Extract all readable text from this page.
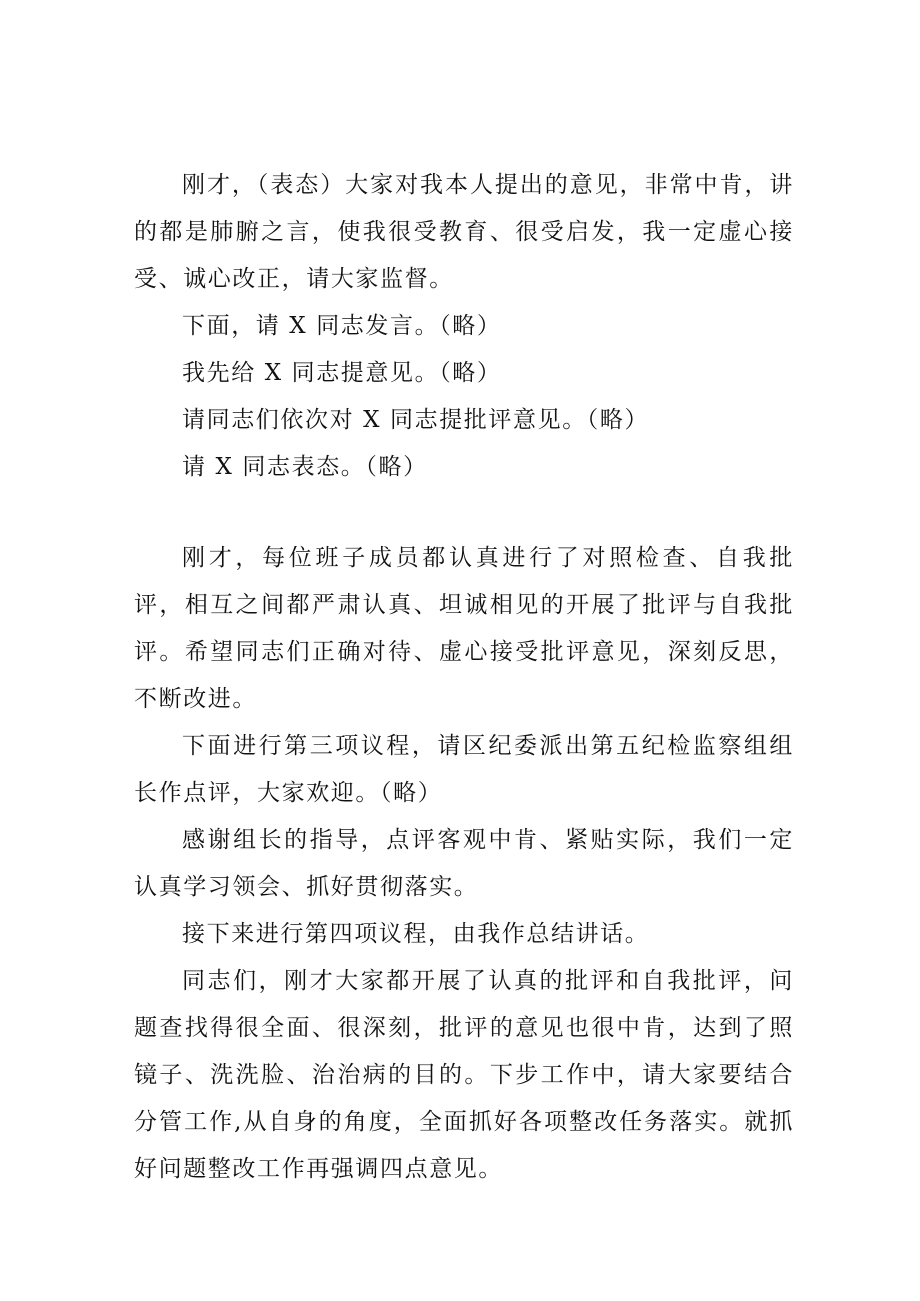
刚才，（表态）大家对我本人提出的意见，非常中肯，讲的都是肺腑之言，使我很受教育、很受启发，我一定虚心接受、诚心改正，请大家监督。

下面，请 X 同志发言。（略）

我先给 X 同志提意见。（略）

请同志们依次对 X 同志提批评意见。（略）

请 X 同志表态。（略）

刚才，每位班子成员都认真进行了对照检查、自我批评，相互之间都严肃认真、坦诚相见的开展了批评与自我批评。希望同志们正确对待、虚心接受批评意见，深刻反思，不断改进。

下面进行第三项议程，请区纪委派出第五纪检监察组组长作点评，大家欢迎。（略）

感谢组长的指导，点评客观中肯、紧贴实际，我们一定认真学习领会、抓好贯彻落实。

接下来进行第四项议程，由我作总结讲话。

同志们，刚才大家都开展了认真的批评和自我批评，问题查找得很全面、很深刻，批评的意见也很中肯，达到了照镜子、洗洗脸、治治病的目的。下步工作中，请大家要结合分管工作,从自身的角度，全面抓好各项整改任务落实。就抓好问题整改工作再强调四点意见。
